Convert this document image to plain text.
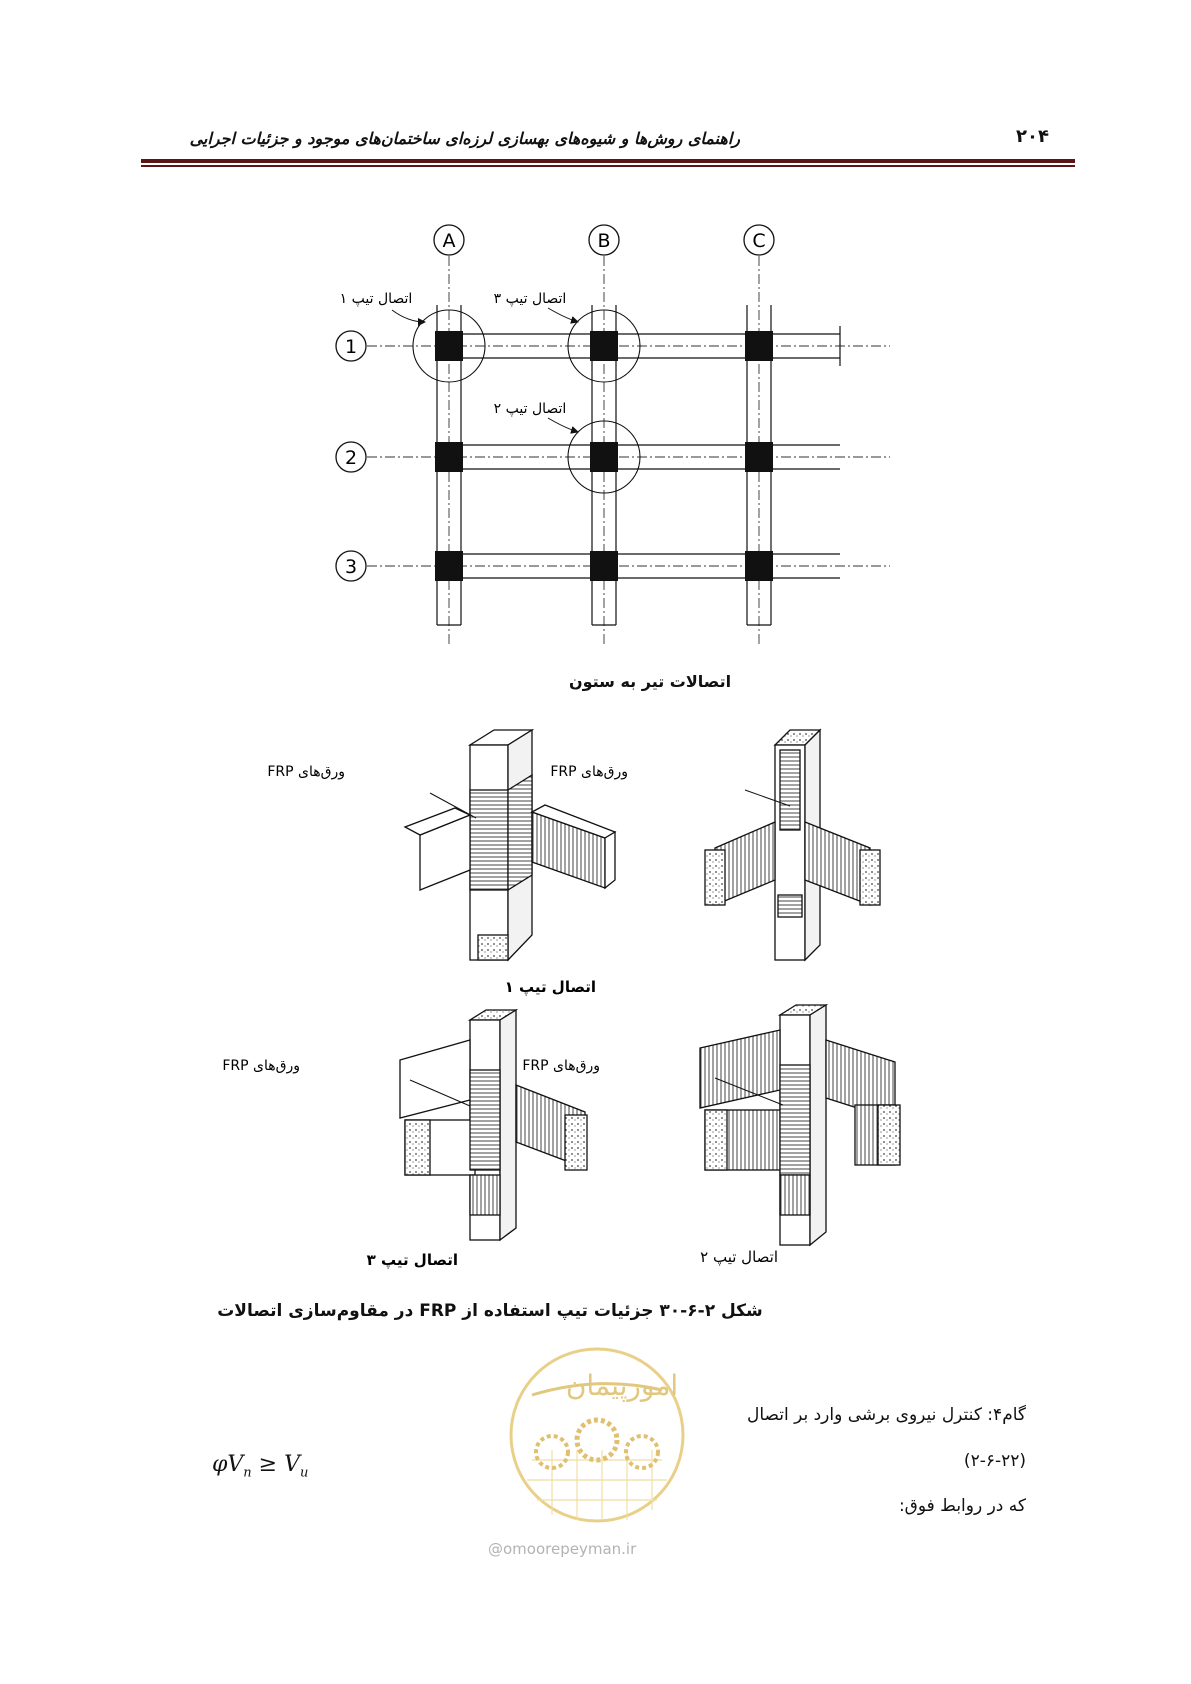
راهنمای روش‌ها و شیوه‌های بهسازی لرزه‌ای ساختمان‌های موجود و جزئیات اجرایی	۲۰۴
A	B	C
1
2
3
اتصال تیپ ۱	اتصال تیپ ۳
اتصال تیپ ۲
اتصالات تیر به ستون
ورق‌های FRP	ورق‌های FRP
اتصال تیپ ۱
ورق‌های FRP
اتصال تیپ ۳
ورق‌های FRP
اتصال تیپ ۲
شکل ۲-۶-۳۰ جزئیات تیپ استفاده از FRP در مقاوم‌سازی اتصالات
امورپیمان
گام۴: کنترل نیروی برشی وارد بر اتصال
(۲-۶-۲۲)
که در روابط فوق:
$\varphi V_n \ge V_u$
@omoorepeyman.ir
